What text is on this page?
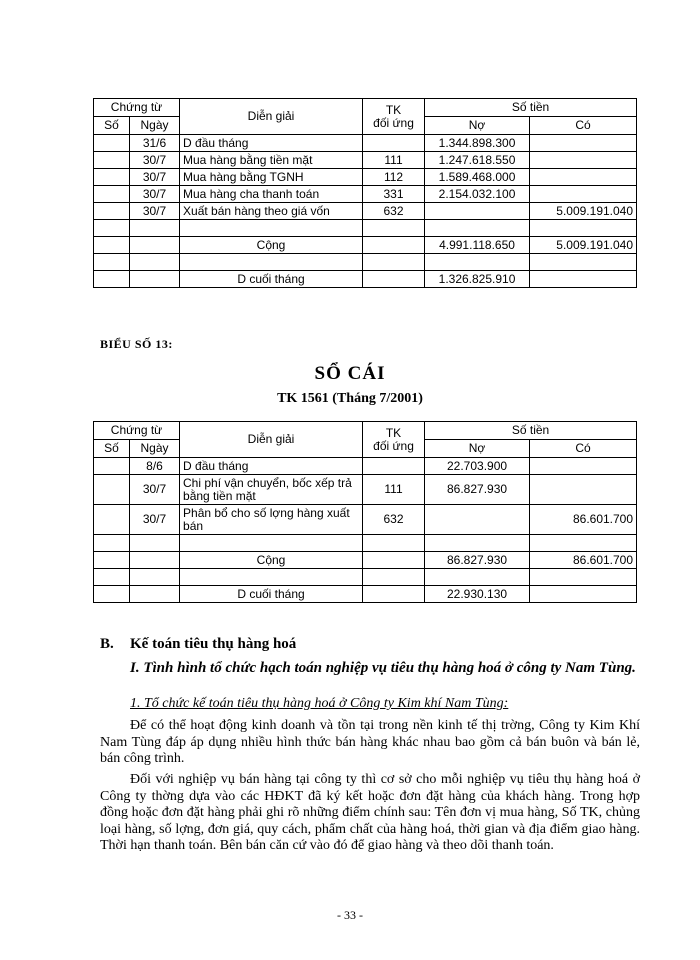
Chứng từ		Diễn giải	TK
đối ứng	Số tiền	
Số	Ngày			Nợ	Có
	31/6	D đầu tháng		1.344.898.300	
	30/7	Mua hàng bằng tiền mặt	111	1.247.618.550	
	30/7	Mua hàng bằng TGNH	112	1.589.468.000	
	30/7	Mua hàng cha thanh toán	331	2.154.032.100	
	30/7	Xuất bán hàng theo giá vốn	632		5.009.191.040

		Cộng		4.991.118.650	5.009.191.040

		D cuối tháng		1.326.825.910	
BIỂU SỐ 13:
SỔ CÁI
TK 1561 (Tháng 7/2001)
Chứng từ		Diễn giải	TK
đối ứng	Số tiền	
Số	Ngày			Nợ	Có
	8/6	D đầu tháng		22.703.900	
	30/7	Chi phí vận chuyển, bốc xếp trả bằng tiền mặt	111	86.827.930	
	30/7	Phân bổ cho số lợng hàng xuất bán	632		86.601.700

		Cộng		86.827.930	86.601.700

		D cuối tháng		22.930.130	
B. Kế toán tiêu thụ hàng hoá
I. Tình hình tổ chức hạch toán nghiệp vụ tiêu thụ hàng hoá ở công ty Nam Tùng.
1. Tổ chức kế toán tiêu thụ hàng hoá ở Công ty Kim khí Nam Tùng:

Để có thể hoạt động kinh doanh và tồn tại trong nền kinh tế thị trờng, Công ty Kim Khí Nam Tùng đáp áp dụng nhiều hình thức bán hàng khác nhau bao gồm cả bán buôn và bán lẻ, bán công trình.

Đối với nghiệp vụ bán hàng tại công ty thì cơ sở cho mỗi nghiệp vụ tiêu thụ hàng hoá ở Công ty thờng dựa vào các HĐKT đã ký kết hoặc đơn đặt hàng của khách hàng. Trong hợp đồng hoặc đơn đặt hàng phải ghi rõ những điểm chính sau: Tên đơn vị mua hàng, Số TK, chủng loại hàng, số lợng, đơn giá, quy cách, phẩm chất của hàng hoá, thời gian và địa điểm giao hàng. Thời hạn thanh toán. Bên bán căn cứ vào đó để giao hàng và theo dõi thanh toán.

- 33 -
